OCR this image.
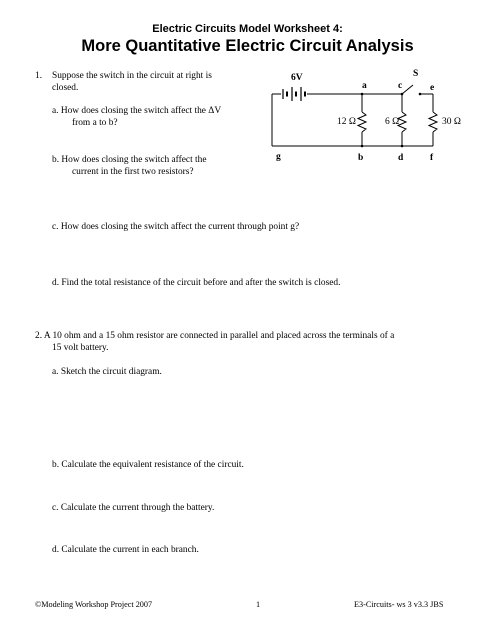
Electric Circuits Model Worksheet 4:
More Quantitative Electric Circuit Analysis
1. Suppose the switch in the circuit at right is
closed.
a. How does closing the switch affect the ΔV
from a to b?
b. How does closing the switch affect the
current in the first two resistors?
c. How does closing the switch affect the current through point g?
d. Find the total resistance of the circuit before and after the switch is closed.
6V	S
a	c	e
12 Ω	6 Ω	30 Ω
g	b	d	f
2. A 10 ohm and a 15 ohm resistor are connected in parallel and placed across the terminals of a
15 volt battery.
a. Sketch the circuit diagram.
b. Calculate the equivalent resistance of the circuit.
c. Calculate the current through the battery.
d. Calculate the current in each branch.
©Modeling Workshop Project 2007	1	E3-Circuits- ws 3 v3.3 JBS
